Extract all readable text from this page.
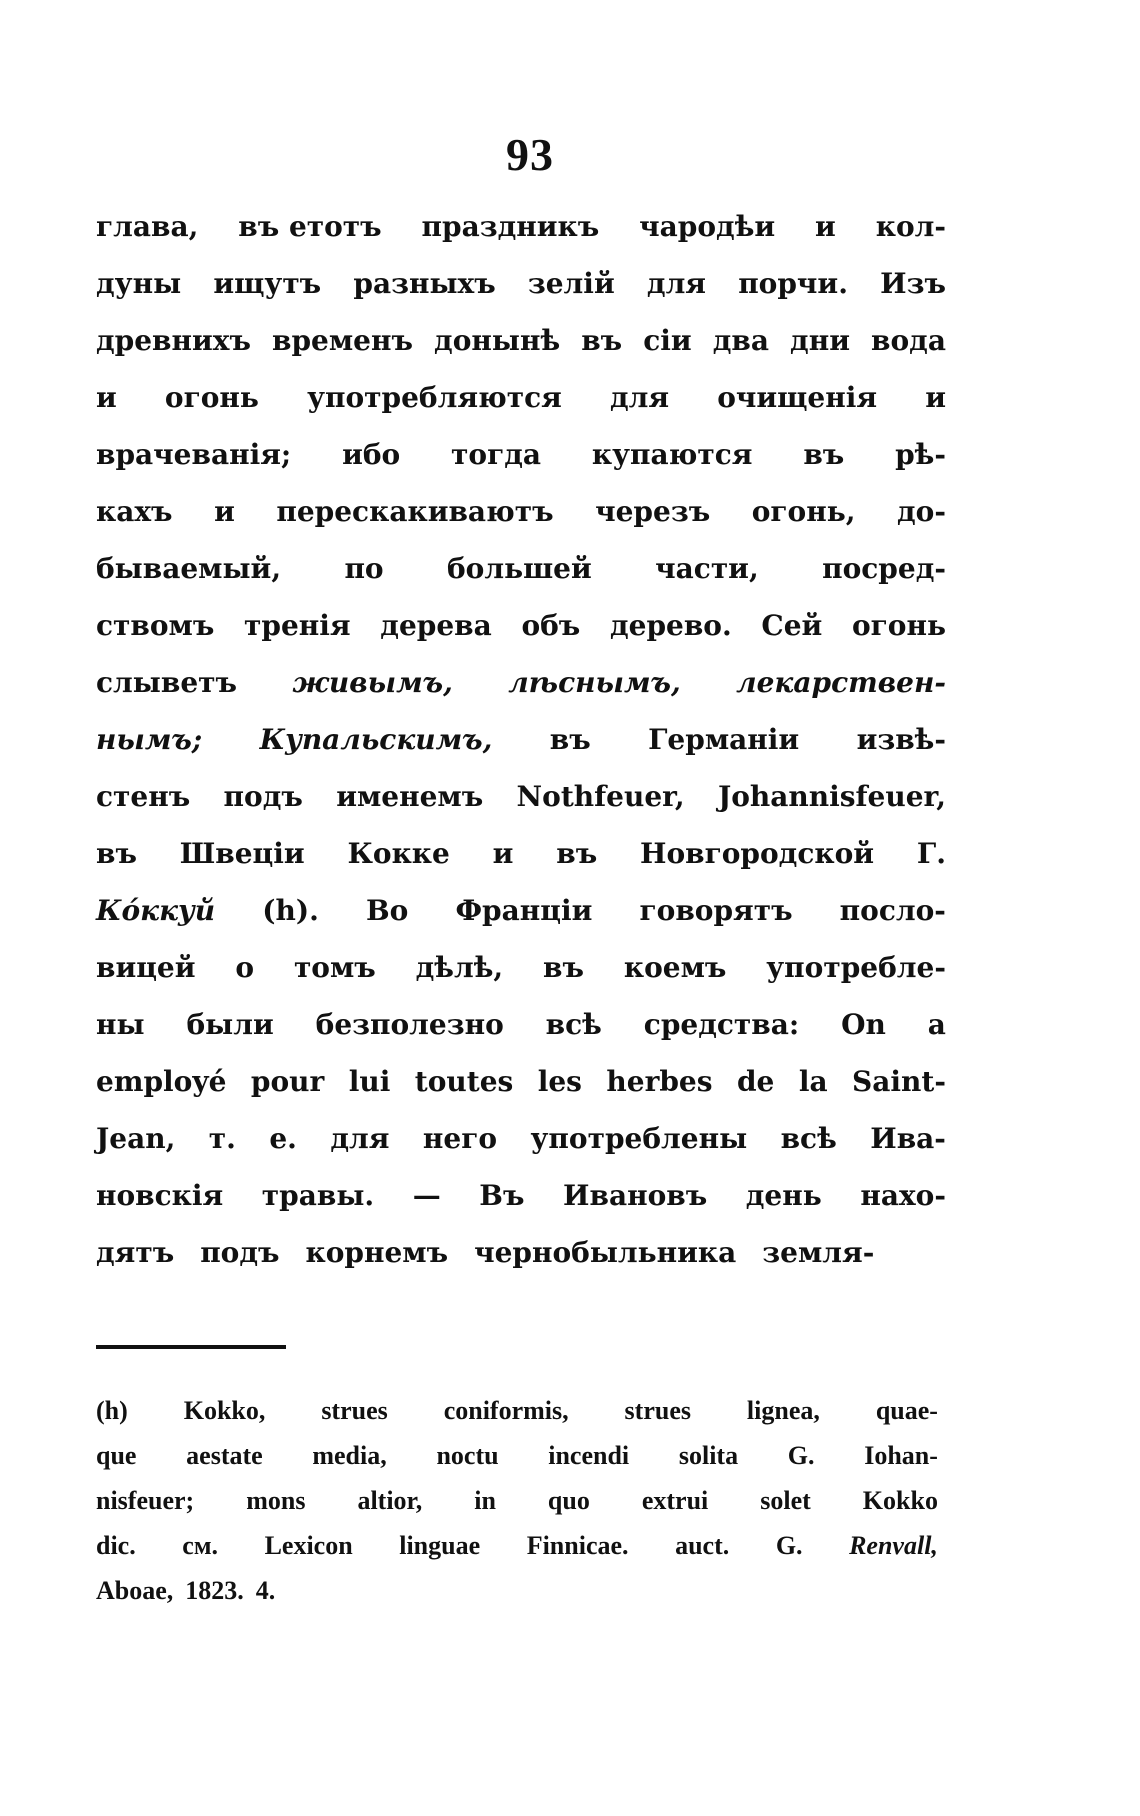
93
глава, въ етотъ праздникъ чародѣи и кол-
дуны ищутъ разныхъ зелій для порчи. Изъ
древнихъ временъ донынѣ въ сіи два дни вода
и огонь употребляются для очищенія и
врачеванія; ибо тогда купаются въ рѣ-
кахъ и перескакиваютъ черезъ огонь, до-
бываемый, по большей части, посред-
ствомъ тренія дерева объ дерево. Сей огонь
слыветъ живымъ, лѣснымъ, лекарствен-
нымъ; Купальскимъ, въ Германіи извѣ-
стенъ подъ именемъ Nothfeuer, Johannisfeuer,
въ Швеціи Кокке и въ Новгородской Г.
Кóккуй (h). Во Франціи говорятъ посло-
вицей о томъ дѣлѣ, въ коемъ употребле-
ны были безполезно всѣ средства: On a
employé pour lui toutes les herbes de la Saint-
Jean, т. е. для него употреблены всѣ Ива-
новскія травы. — Въ Ивановъ день нахо-
дятъ подъ корнемъ чернобыльника земля-
(h) Kokko, strues coniformis, strues lignea, quae-
que aestate media, noctu incendi solita G. Iohan-
nisfeuer; mons altior, in quo extrui solet Kokko
dic. см. Lexicon linguae Finnicae. auct. G. Renvall,
Aboae, 1823. 4.
